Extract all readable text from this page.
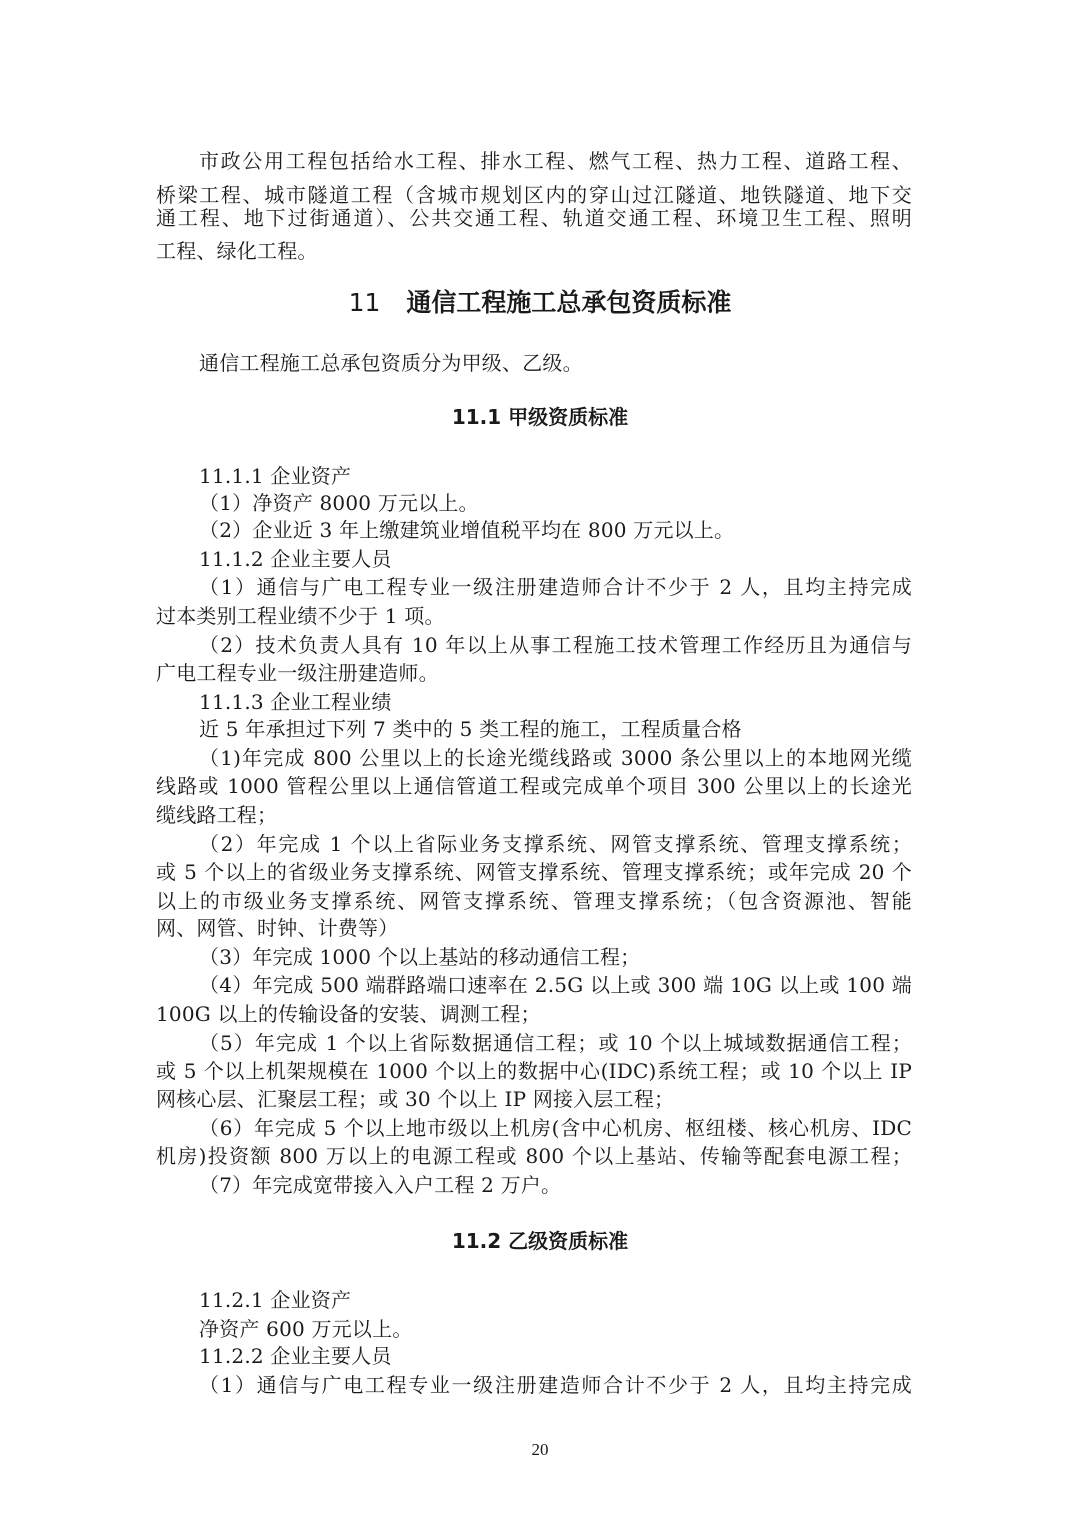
市政公用工程包括给水工程、排水工程、燃气工程、热力工程、道路工程、
桥梁工程、城市隧道工程（含城市规划区内的穿山过江隧道、地铁隧道、地下交
通工程、地下过街通道）、公共交通工程、轨道交通工程、环境卫生工程、照明
工程、绿化工程。
11 通信工程施工总承包资质标准
通信工程施工总承包资质分为甲级、乙级。
11.1 甲级资质标准
11.1.1 企业资产
（1）净资产 8000 万元以上。
（2）企业近 3 年上缴建筑业增值税平均在 800 万元以上。
11.1.2 企业主要人员
（1）通信与广电工程专业一级注册建造师合计不少于 2 人，且均主持完成
过本类别工程业绩不少于 1 项。
（2）技术负责人具有 10 年以上从事工程施工技术管理工作经历且为通信与
广电工程专业一级注册建造师。
11.1.3 企业工程业绩
近 5 年承担过下列 7 类中的 5 类工程的施工，工程质量合格
（1)年完成 800 公里以上的长途光缆线路或 3000 条公里以上的本地网光缆
线路或 1000 管程公里以上通信管道工程或完成单个项目 300 公里以上的长途光
缆线路工程；
（2）年完成 1 个以上省际业务支撑系统、网管支撑系统、管理支撑系统；
或 5 个以上的省级业务支撑系统、网管支撑系统、管理支撑系统；或年完成 20 个
以上的市级业务支撑系统、网管支撑系统、管理支撑系统；（包含资源池、智能
网、网管、时钟、计费等）
（3）年完成 1000 个以上基站的移动通信工程；
（4）年完成 500 端群路端口速率在 2.5G 以上或 300 端 10G 以上或 100 端
100G 以上的传输设备的安装、调测工程；
（5）年完成 1 个以上省际数据通信工程；或 10 个以上城域数据通信工程；
或 5 个以上机架规模在 1000 个以上的数据中心(IDC)系统工程；或 10 个以上 IP
网核心层、汇聚层工程；或 30 个以上 IP 网接入层工程；
（6）年完成 5 个以上地市级以上机房(含中心机房、枢纽楼、核心机房、IDC
机房)投资额 800 万以上的电源工程或 800 个以上基站、传输等配套电源工程；
（7）年完成宽带接入入户工程 2 万户。
11.2 乙级资质标准
11.2.1 企业资产
净资产 600 万元以上。
11.2.2 企业主要人员
（1）通信与广电工程专业一级注册建造师合计不少于 2 人，且均主持完成
20
